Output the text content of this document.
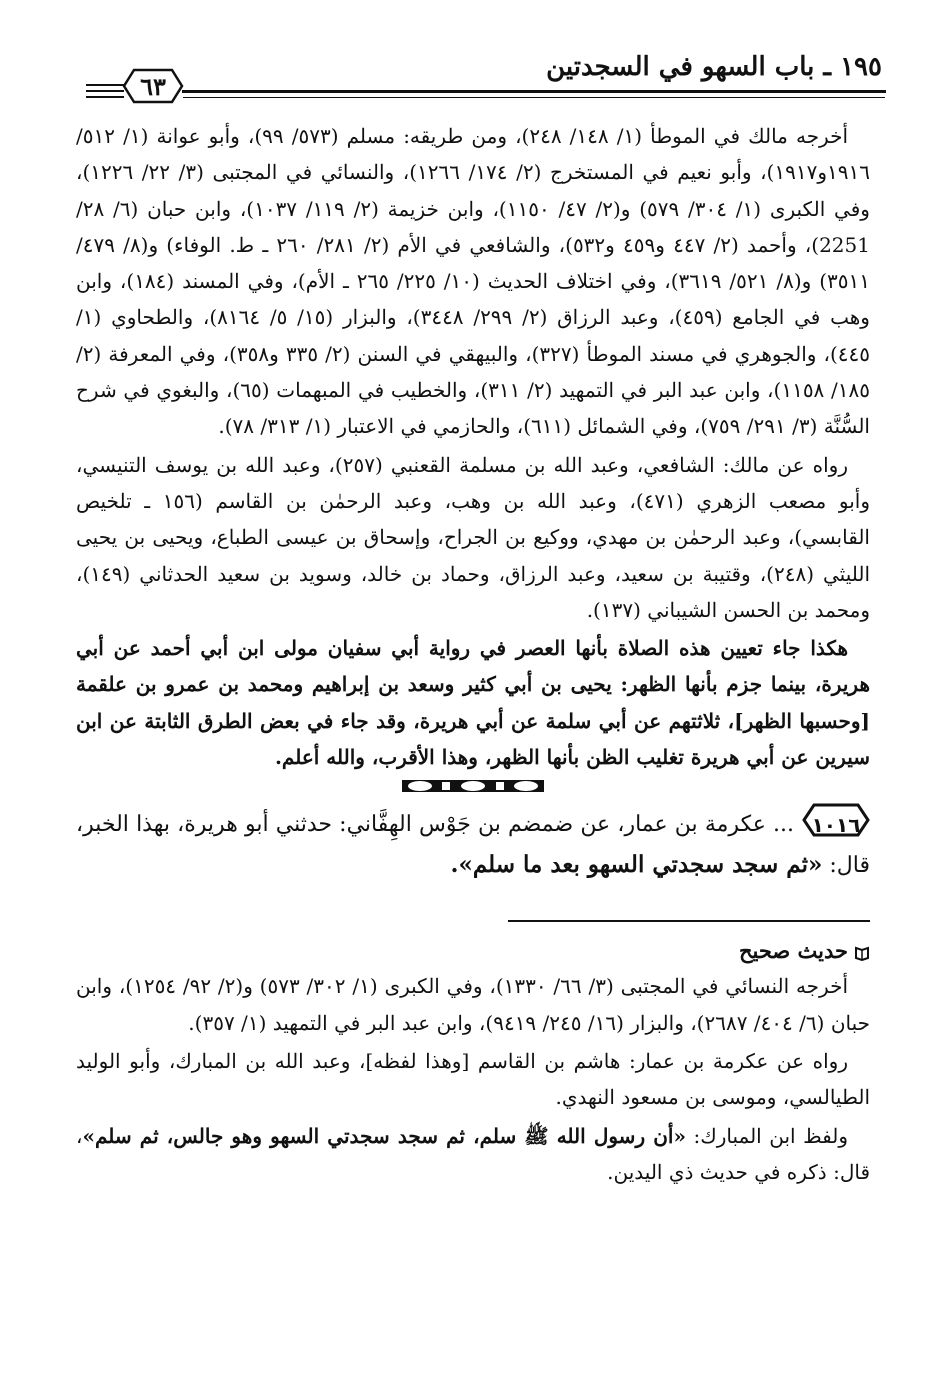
١٩٥ ـ باب السهو في السجدتين
٦٣

أخرجه مالك في الموطأ (١/ ١٤٨/ ٢٤٨)، ومن طريقه: مسلم (٥٧٣/ ٩٩)، وأبو عوانة (١/ ٥١٢/ ١٩١٦و١٩١٧)، وأبو نعيم في المستخرج (٢/ ١٧٤/ ١٢٦٦)، والنسائي في المجتبى (٣/ ٢٢/ ١٢٢٦)، وفي الكبرى (١/ ٣٠٤/ ٥٧٩) و(٢/ ٤٧/ ١١٥٠)، وابن خزيمة (٢/ ١١٩/ ١٠٣٧)، وابن حبان (٦/ ٢٨/ 2251)، وأحمد (٢/ ٤٤٧ و٤٥٩ و٥٣٢)، والشافعي في الأم (٢/ ٢٨١/ ٢٦٠ ـ ط. الوفاء) و(٨/ ٤٧٩/ ٣٥١١) و(٨/ ٥٢١/ ٣٦١٩)، وفي اختلاف الحديث (١٠/ ٢٢٥/ ٢٦٥ ـ الأم)، وفي المسند (١٨٤)، وابن وهب في الجامع (٤٥٩)، وعبد الرزاق (٢/ ٢٩٩/ ٣٤٤٨)، والبزار (١٥/ ٥/ ٨١٦٤)، والطحاوي (١/ ٤٤٥)، والجوهري في مسند الموطأ (٣٢٧)، والبيهقي في السنن (٢/ ٣٣٥ و٣٥٨)، وفي المعرفة (٢/ ١٨٥/ ١١٥٨)، وابن عبد البر في التمهيد (٢/ ٣١١)، والخطيب في المبهمات (٦٥)، والبغوي في شرح السُّنَّة (٣/ ٢٩١/ ٧٥٩)، وفي الشمائل (٦١١)، والحازمي في الاعتبار (١/ ٣١٣/ ٧٨).

رواه عن مالك: الشافعي، وعبد الله بن مسلمة القعنبي (٢٥٧)، وعبد الله بن يوسف التنيسي، وأبو مصعب الزهري (٤٧١)، وعبد الله بن وهب، وعبد الرحمٰن بن القاسم (١٥٦ ـ تلخيص القابسي)، وعبد الرحمٰن بن مهدي، ووكيع بن الجراح، وإسحاق بن عيسى الطباع، ويحيى بن يحيى الليثي (٢٤٨)، وقتيبة بن سعيد، وعبد الرزاق، وحماد بن خالد، وسويد بن سعيد الحدثاني (١٤٩)، ومحمد بن الحسن الشيباني (١٣٧).

هكذا جاء تعيين هذه الصلاة بأنها العصر في رواية أبي سفيان مولى ابن أبي أحمد عن أبي هريرة، بينما جزم بأنها الظهر: يحيى بن أبي كثير وسعد بن إبراهيم ومحمد بن عمرو بن علقمة [وحسبها الظهر]، ثلاثتهم عن أبي سلمة عن أبي هريرة، وقد جاء في بعض الطرق الثابتة عن ابن سيرين عن أبي هريرة تغليب الظن بأنها الظهر، وهذا الأقرب، والله أعلم.

١٠١٦
... عكرمة بن عمار، عن ضمضم بن جَوْس الهِفَّاني: حدثني أبو هريرة، بهذا الخبر، قال: «ثم سجد سجدتي السهو بعد ما سلم».

حديث صحيح

أخرجه النسائي في المجتبى (٣/ ٦٦/ ١٣٣٠)، وفي الكبرى (١/ ٣٠٢/ ٥٧٣) و(٢/ ٩٢/ ١٢٥٤)، وابن حبان (٦/ ٤٠٤/ ٢٦٨٧)، والبزار (١٦/ ٢٤٥/ ٩٤١٩)، وابن عبد البر في التمهيد (١/ ٣٥٧).

رواه عن عكرمة بن عمار: هاشم بن القاسم [وهذا لفظه]، وعبد الله بن المبارك، وأبو الوليد الطيالسي، وموسى بن مسعود النهدي.

ولفظ ابن المبارك: «أن رسول الله ﷺ سلم، ثم سجد سجدتي السهو وهو جالس، ثم سلم»، قال: ذكره في حديث ذي اليدين.
